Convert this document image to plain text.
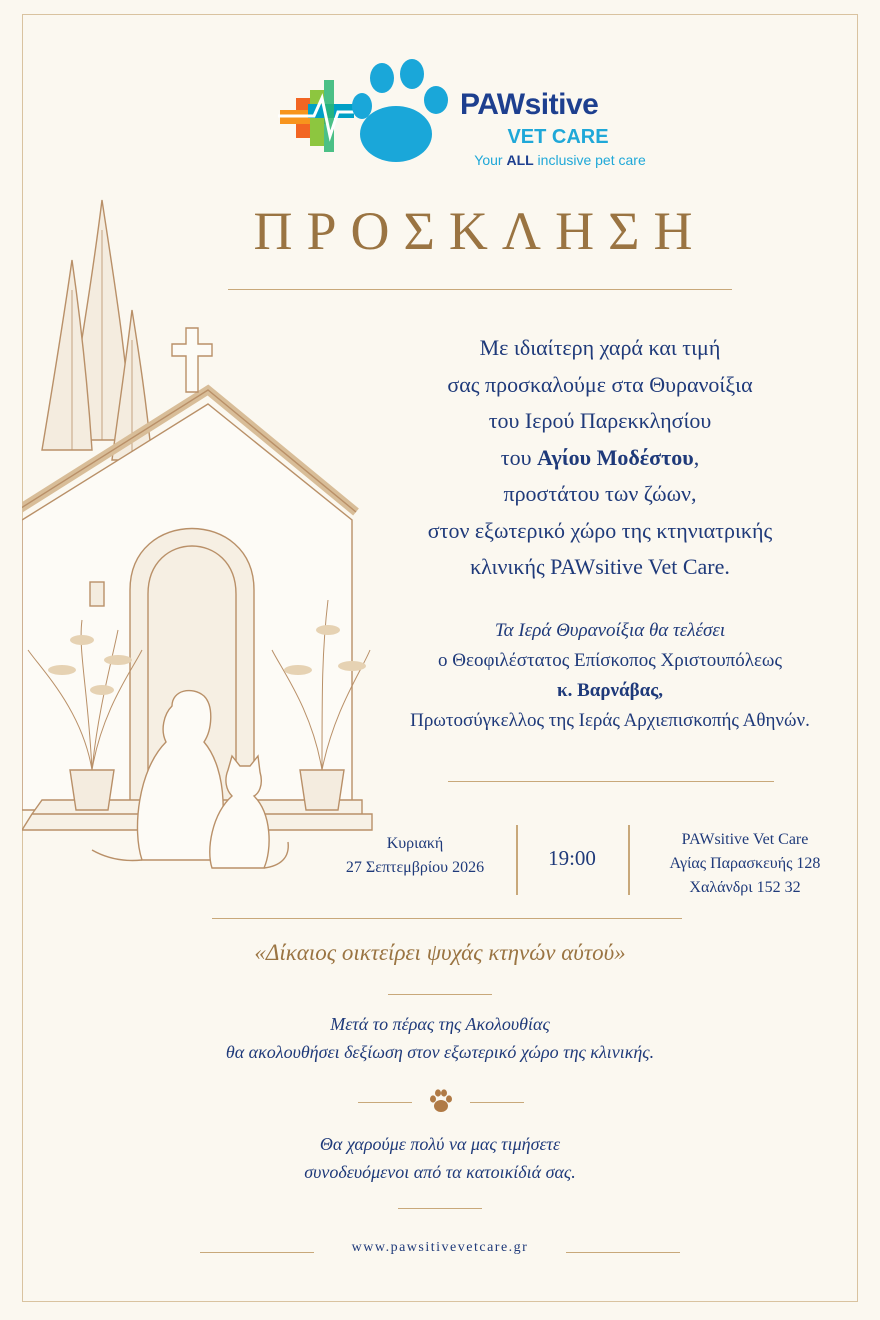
PAWsitive
VET CARE
Your ALL inclusive pet care
ΠΡΟΣΚΛΗΣΗ
Με ιδιαίτερη χαρά και τιμή
σας προσκαλούμε στα Θυρανοίξια
του Ιερού Παρεκκλησίου
του Αγίου Μοδέστου,
προστάτου των ζώων,
στον εξωτερικό χώρο της κτηνιατρικής
κλινικής PAWsitive Vet Care.
Τα Ιερά Θυρανοίξια θα τελέσει
ο Θεοφιλέστατος Επίσκοπος Χριστουπόλεως
κ. Βαρνάβας,
Πρωτοσύγκελλος της Ιεράς Αρχιεπισκοπής Αθηνών.
Κυριακή
27 Σεπτεμβρίου 2026	19:00
PAWsitive Vet Care
Αγίας Παρασκευής 128
Χαλάνδρι 152 32
«Δίκαιος οικτείρει ψυχάς κτηνών αύτού»
Μετά το πέρας της Ακολουθίας
θα ακολουθήσει δεξίωση στον εξωτερικό χώρο της κλινικής.
Θα χαρούμε πολύ να μας τιμήσετε
συνοδευόμενοι από τα κατοικίδιά σας.
www.pawsitivevetcare.gr
